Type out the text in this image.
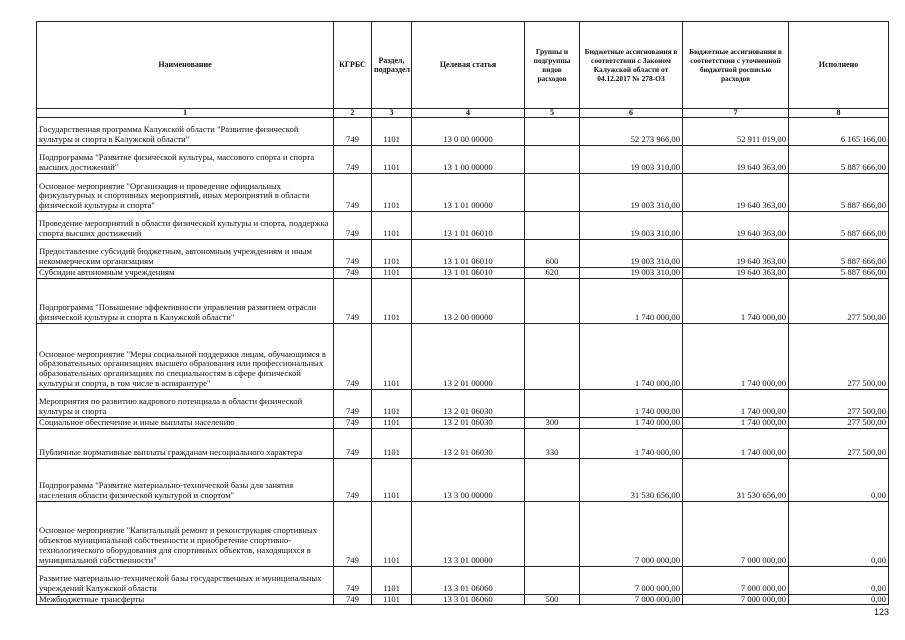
Наименование	КГРБС	Раздел, подраздел	Целевая статья	Группы и подгруппы видов расходов	Бюджетные ассигнования в соответствии с Законом Калужской области от 04.12.2017 № 278-ОЗ	Бюджетные ассигнования в соответствии с уточненной бюджетной росписью расходов	Исполнено
1	2	3	4	5	6	7	8
Государственная программа Калужской области "Развитие физической культуры и спорта в Калужской области"	749	1101	13 0 00 00000		52 273 966,00	52 911 019,00	6 165 166,00
Подпрограмма "Развитие физической культуры, массового спорта и спорта высших достижений"	749	1101	13 1 00 00000		19 003 310,00	19 640 363,00	5 887 666,00
Основное мероприятие "Организация и проведение официальных физкультурных и спортивных мероприятий, иных мероприятий в области физической культуры и спорта"	749	1101	13 1 01 00000		19 003 310,00	19 640 363,00	5 887 666,00
Проведение мероприятий в области физической культуры и спорта, поддержка спорта высших достижений	749	1101	13 1 01 06010		19 003 310,00	19 640 363,00	5 887 666,00
Предоставление субсидий бюджетным, автономным учреждениям и иным некоммерческим организациям	749	1101	13 1 01 06010	600	19 003 310,00	19 640 363,00	5 887 666,00
Субсидии автономным учреждениям	749	1101	13 1 01 06010	620	19 003 310,00	19 640 363,00	5 887 666,00
Подпрограмма "Повышение эффективности управления развитием отрасли физической культуры и спорта в Калужской области"	749	1101	13 2 00 00000		1 740 000,00	1 740 000,00	277 500,00
Основное мероприятие "Меры социальной поддержки лицам, обучающимся в образовательных организациях высшего образования или профессиональных образовательных организациях по специальностям в сфере физической культуры и спорта, в том числе в аспирантуре"	749	1101	13 2 01 00000		1 740 000,00	1 740 000,00	277 500,00
Мероприятия по развитию кадрового потенциала в области физической культуры и спорта	749	1101	13 2 01 06030		1 740 000,00	1 740 000,00	277 500,00
Социальное обеспечение и иные выплаты населению	749	1101	13 2 01 06030	300	1 740 000,00	1 740 000,00	277 500,00
Публичные нормативные выплаты гражданам несоциального характера	749	1101	13 2 01 06030	330	1 740 000,00	1 740 000,00	277 500,00
Подпрограмма "Развитие материально-технической базы для занятия населения области физической культурой и спортом"	749	1101	13 3 00 00000		31 530 656,00	31 530 656,00	0,00
Основное мероприятие "Капитальный ремонт и реконструкция спортивных объектов муниципальной собственности и приобретение спортивно-технологического оборудования для спортивных объектов, находящихся в муниципальной собственности"	749	1101	13 3 01 00000		7 000 000,00	7 000 000,00	0,00
Развитие материально-технической базы государственных и муниципальных учреждений Калужской области	749	1101	13 3 01 06060		7 000 000,00	7 000 000,00	0,00
Межбюджетные трансферты	749	1101	13 3 01 06060	500	7 000 000,00	7 000 000,00	0,00
123
